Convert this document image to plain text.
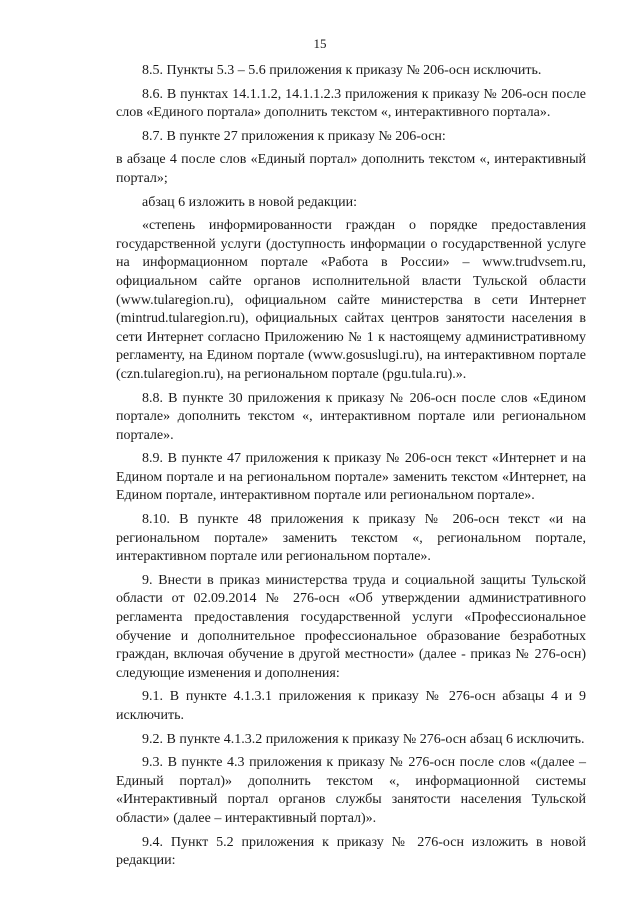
15

8.5. Пункты 5.3 – 5.6 приложения к приказу № 206-осн исключить.

8.6. В пунктах 14.1.1.2, 14.1.1.2.3 приложения к приказу № 206-осн после слов «Единого портала» дополнить текстом «, интерактивного портала».

8.7. В пункте 27 приложения к приказу № 206-осн:

в абзаце 4 после слов «Единый портал» дополнить текстом «, интерактивный портал»;

абзац 6 изложить в новой редакции:

«степень информированности граждан о порядке предоставления государственной услуги (доступность информации о государственной услуге на информационном портале «Работа в России» – www.trudvsem.ru, официальном сайте органов исполнительной власти Тульской области (www.tularegion.ru), официальном сайте министерства в сети Интернет (mintrud.tularegion.ru), официальных сайтах центров занятости населения в сети Интернет согласно Приложению № 1 к настоящему административному регламенту, на Едином портале (www.gosuslugi.ru), на интерактивном портале (czn.tularegion.ru), на региональном портале (pgu.tula.ru).».

8.8. В пункте 30 приложения к приказу № 206-осн после слов «Едином портале» дополнить текстом «, интерактивном портале или региональном портале».

8.9. В пункте 47 приложения к приказу № 206-осн текст «Интернет и на Едином портале и на региональном портале» заменить текстом «Интернет, на Едином портале, интерактивном портале или региональном портале».

8.10. В пункте 48 приложения к приказу № 206-осн текст «и на региональном портале» заменить текстом «, региональном портале, интерактивном портале или региональном портале».

9. Внести в приказ министерства труда и социальной защиты Тульской области от 02.09.2014 № 276-осн «Об утверждении административного регламента предоставления государственной услуги «Профессиональное обучение и дополнительное профессиональное образование безработных граждан, включая обучение в другой местности» (далее - приказ № 276-осн) следующие изменения и дополнения:

9.1. В пункте 4.1.3.1 приложения к приказу № 276-осн абзацы 4 и 9 исключить.

9.2. В пункте 4.1.3.2 приложения к приказу № 276-осн абзац 6 исключить.

9.3. В пункте 4.3 приложения к приказу № 276-осн после слов «(далее – Единый портал)» дополнить текстом «, информационной системы «Интерактивный портал органов службы занятости населения Тульской области» (далее – интерактивный портал)».

9.4. Пункт 5.2 приложения к приказу № 276-осн изложить в новой редакции:
